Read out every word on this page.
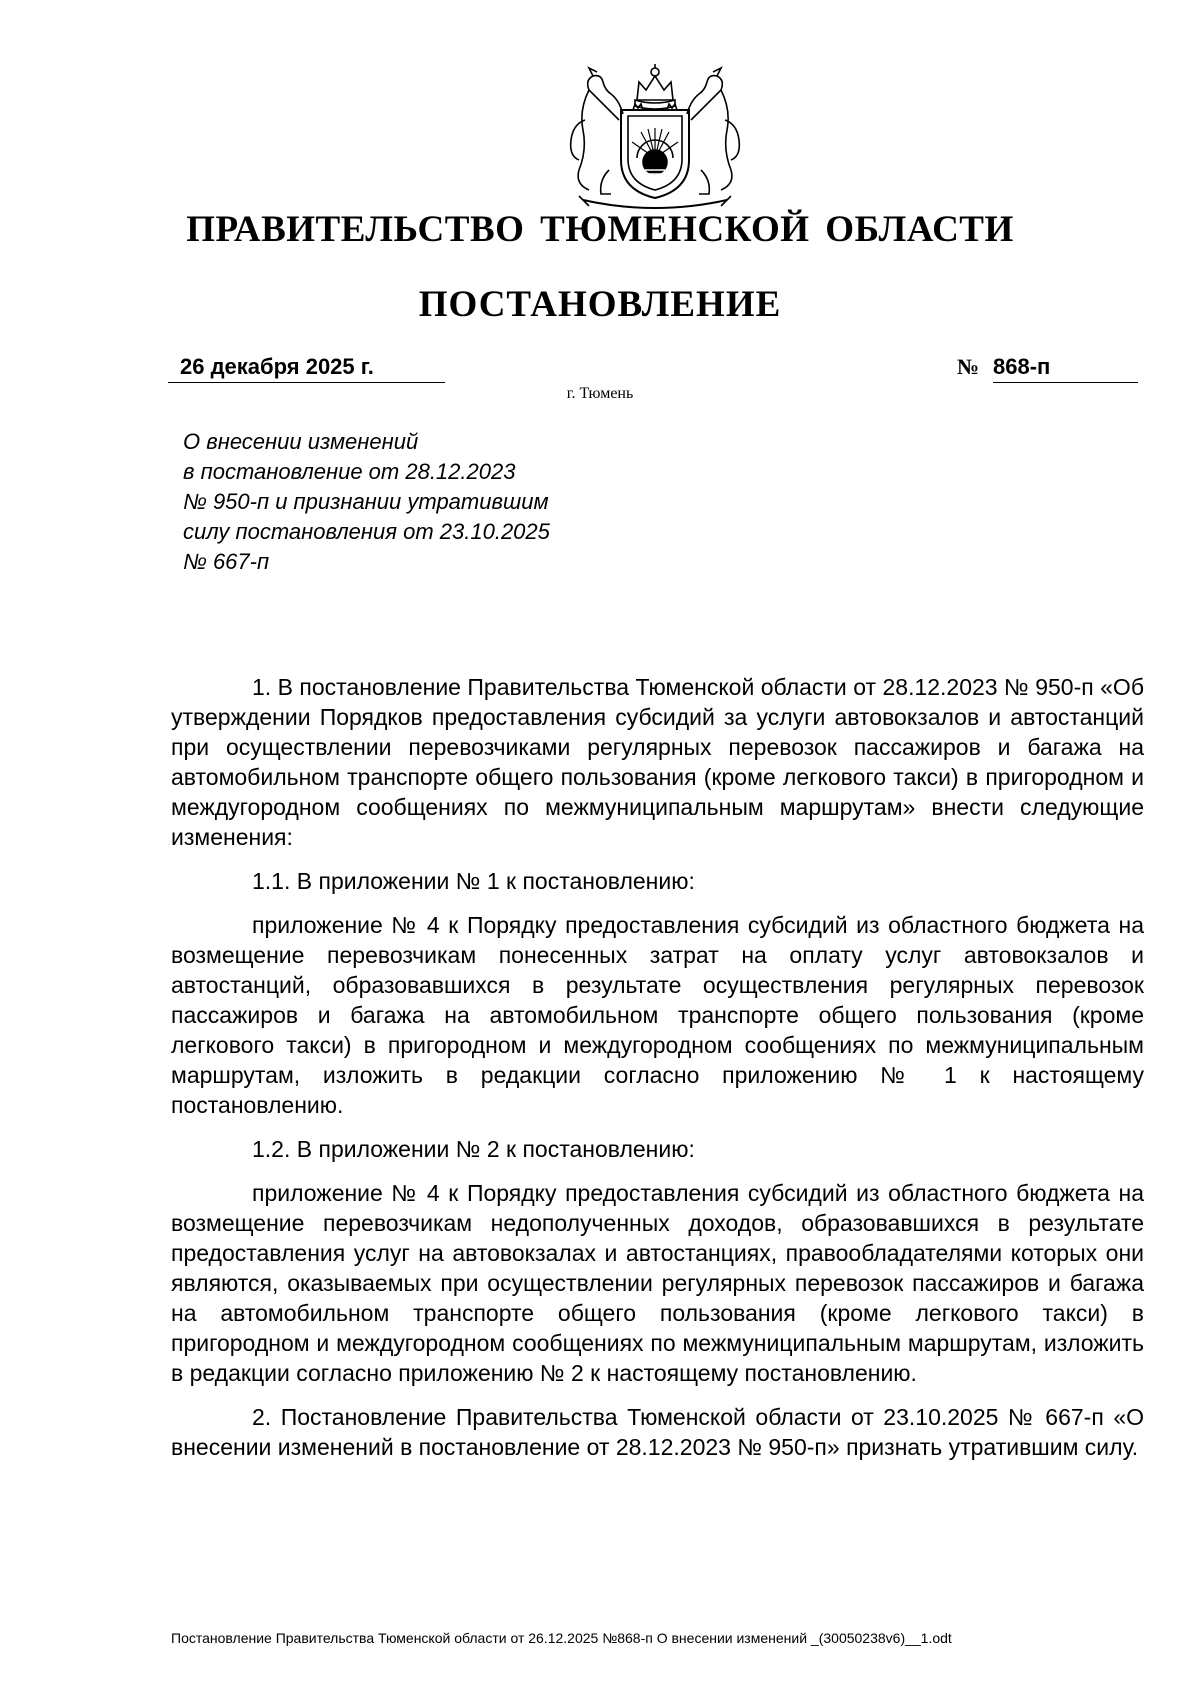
ПРАВИТЕЛЬСТВО ТЮМЕНСКОЙ ОБЛАСТИ
ПОСТАНОВЛЕНИЕ
26 декабря 2025 г.	№ 868-п
г. Тюмень
О внесении изменений
в постановление от 28.12.2023
№ 950-п и признании утратившим
силу постановления от 23.10.2025
№ 667-п

1. В постановление Правительства Тюменской области от 28.12.2023 № 950-п «Об утверждении Порядков предоставления субсидий за услуги автовокзалов и автостанций при осуществлении перевозчиками регулярных перевозок пассажиров и багажа на автомобильном транспорте общего пользования (кроме легкового такси) в пригородном и междугородном сообщениях по межмуниципальным маршрутам» внести следующие изменения:

1.1. В приложении № 1 к постановлению:

приложение № 4 к Порядку предоставления субсидий из областного бюджета на возмещение перевозчикам понесенных затрат на оплату услуг автовокзалов и автостанций, образовавшихся в результате осуществления регулярных перевозок пассажиров и багажа на автомобильном транспорте общего пользования (кроме легкового такси) в пригородном и междугородном сообщениях по межмуниципальным маршрутам, изложить в редакции согласно приложению № 1 к настоящему постановлению.

1.2. В приложении № 2 к постановлению:

приложение № 4 к Порядку предоставления субсидий из областного бюджета на возмещение перевозчикам недополученных доходов, образовавшихся в результате предоставления услуг на автовокзалах и автостанциях, правообладателями которых они являются, оказываемых при осуществлении регулярных перевозок пассажиров и багажа на автомобильном транспорте общего пользования (кроме легкового такси) в пригородном и междугородном сообщениях по межмуниципальным маршрутам, изложить в редакции согласно приложению № 2 к настоящему постановлению.

2. Постановление Правительства Тюменской области от 23.10.2025 № 667-п «О внесении изменений в постановление от 28.12.2023 № 950-п» признать утратившим силу.

Постановление Правительства Тюменской области от 26.12.2025 №868-п О внесении изменений _(30050238v6)__1.odt
